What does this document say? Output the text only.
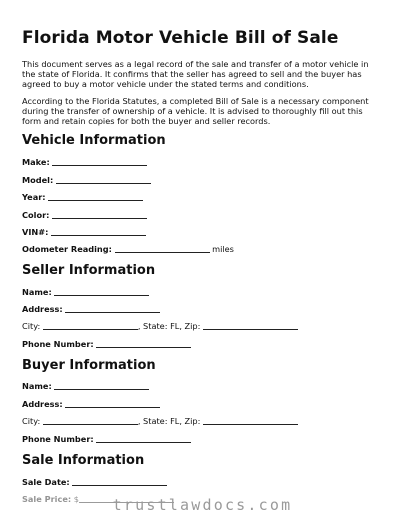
Florida Motor Vehicle Bill of Sale

This document serves as a legal record of the sale and transfer of a motor vehicle in the state of Florida. It confirms that the seller has agreed to sell and the buyer has agreed to buy a motor vehicle under the stated terms and conditions.

According to the Florida Statutes, a completed Bill of Sale is a necessary component during the transfer of ownership of a vehicle. It is advised to thoroughly fill out this form and retain copies for both the buyer and seller records.

Vehicle Information
Make:
Model:
Year:
Color:
VIN#:
Odometer Reading:	miles
Seller Information
Name:
Address:
City:	, State: FL, Zip:
Phone Number:
Buyer Information
Name:
Address:
City:	, State: FL, Zip:
Phone Number:
Sale Information
Sale Date:
trustlawdocs.com
